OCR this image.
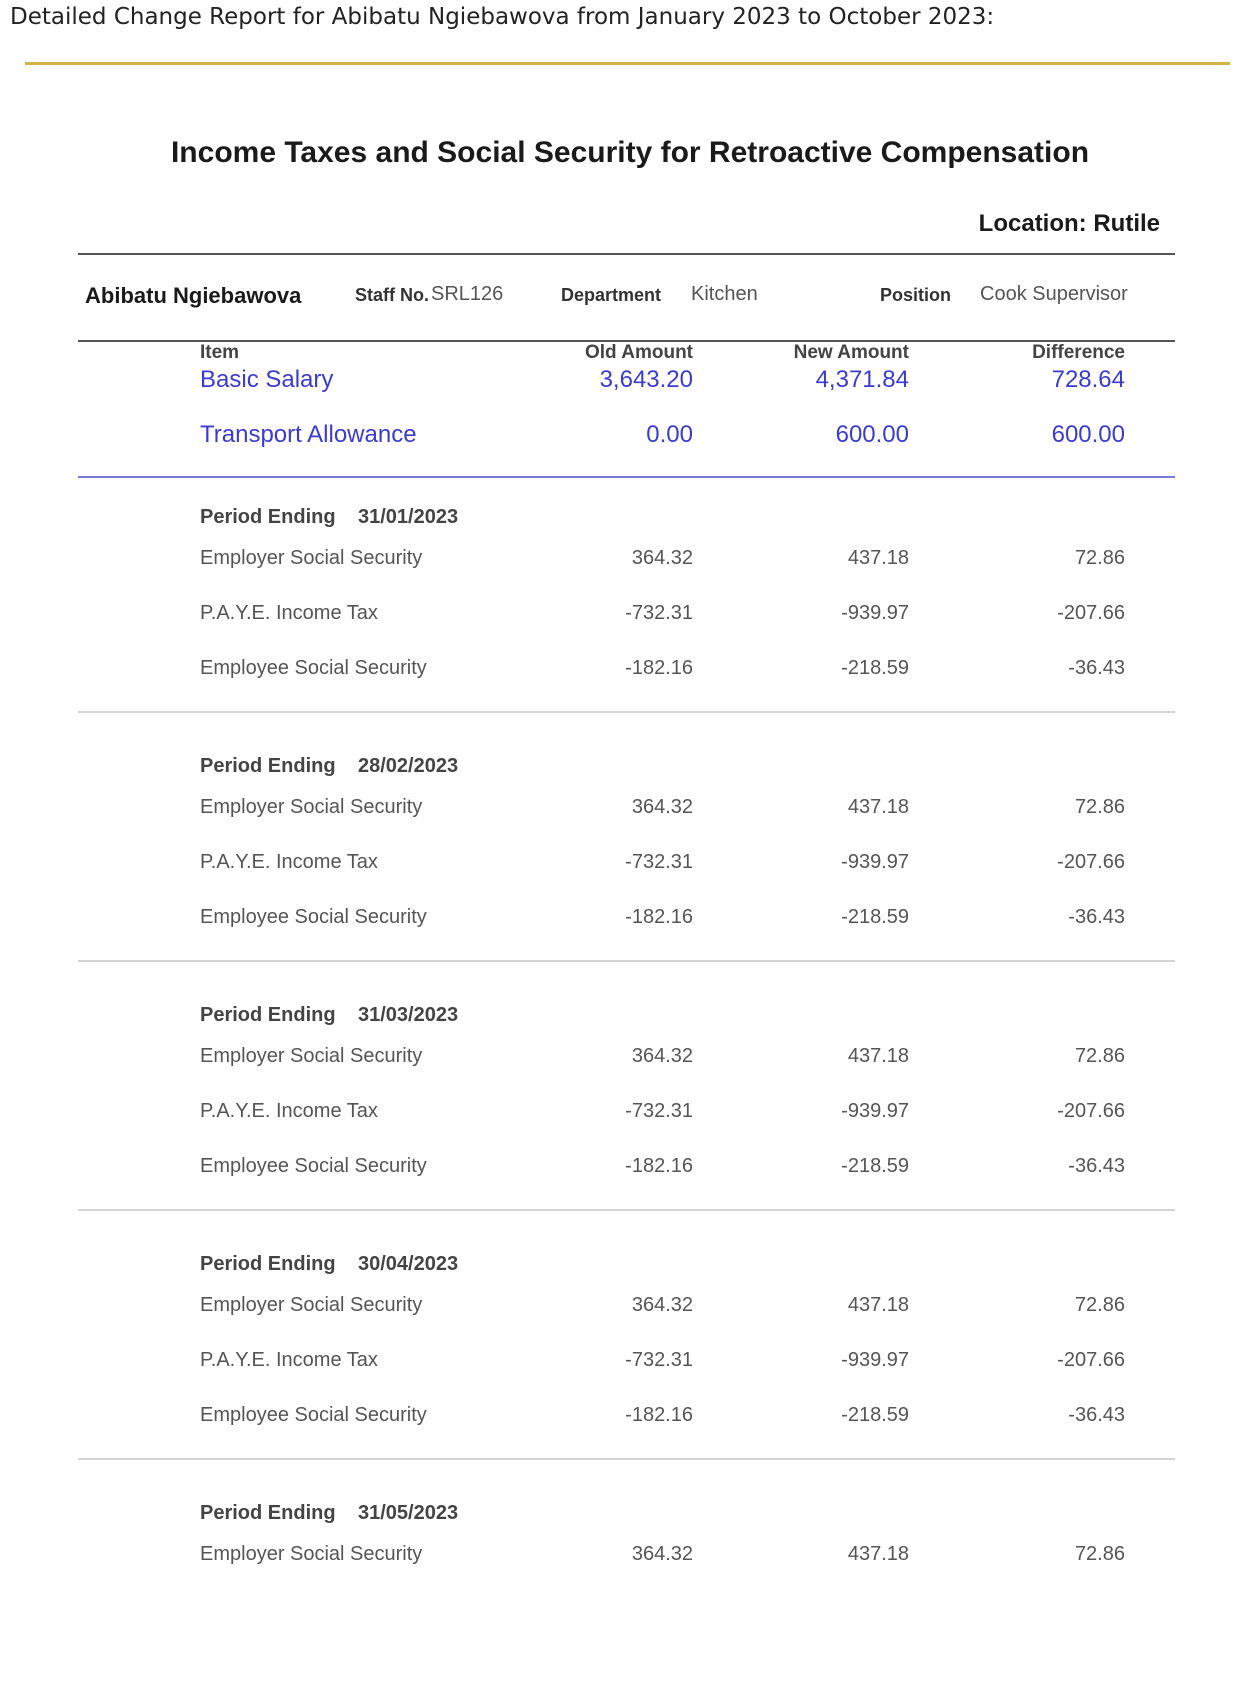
Detailed Change Report for Abibatu Ngiebawova from January 2023 to October 2023:
Income Taxes and Social Security for Retroactive Compensation
Location: Rutile
Abibatu Ngiebawova	Staff No. SRL126	Department Kitchen	Position Cook Supervisor
Item	Old Amount	New Amount	Difference
Basic Salary	3,643.20	4,371.84	728.64
Transport Allowance	0.00	600.00	600.00
Period Ending 31/01/2023
Employer Social Security	364.32	437.18	72.86
P.A.Y.E. Income Tax	-732.31	-939.97	-207.66
Employee Social Security	-182.16	-218.59	-36.43
Period Ending 28/02/2023
Employer Social Security	364.32	437.18	72.86
P.A.Y.E. Income Tax	-732.31	-939.97	-207.66
Employee Social Security	-182.16	-218.59	-36.43
Period Ending 31/03/2023
Employer Social Security	364.32	437.18	72.86
P.A.Y.E. Income Tax	-732.31	-939.97	-207.66
Employee Social Security	-182.16	-218.59	-36.43
Period Ending 30/04/2023
Employer Social Security	364.32	437.18	72.86
P.A.Y.E. Income Tax	-732.31	-939.97	-207.66
Employee Social Security	-182.16	-218.59	-36.43
Period Ending 31/05/2023
Employer Social Security	364.32	437.18	72.86
